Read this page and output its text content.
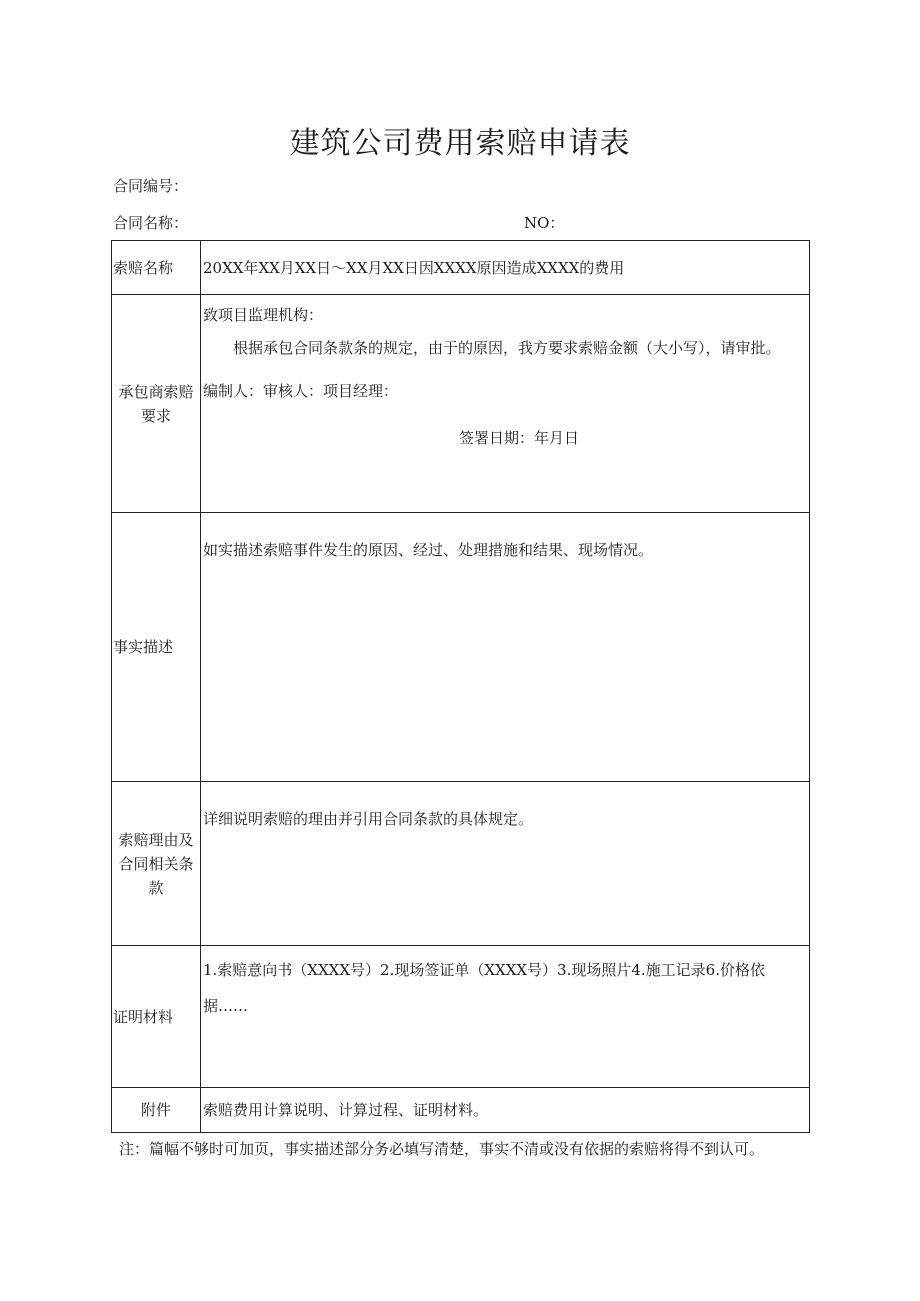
建筑公司费用索赔申请表
合同编号：
合同名称：	NO：
索赔名称	20XX年XX月XX日～XX月XX日因XXXX原因造成XXXX的费用
承包商索赔要求	致项目监理机构：
根据承包合同条款条的规定，由于的原因，我方要求索赔金额（大小写），请审批。
编制人：审核人：项目经理：
签署日期：年月日

事实描述	如实描述索赔事件发生的原因、经过、处理措施和结果、现场情况。

索赔理由及合同相关条款	详细说明索赔的理由并引用合同条款的具体规定。

证明材料	1.索赔意向书（XXXX号）2.现场签证单（XXXX号）3.现场照片4.施工记录6.价格依据……

附件	索赔费用计算说明、计算过程、证明材料。
注：篇幅不够时可加页，事实描述部分务必填写清楚，事实不清或没有依据的索赔将得不到认可。
